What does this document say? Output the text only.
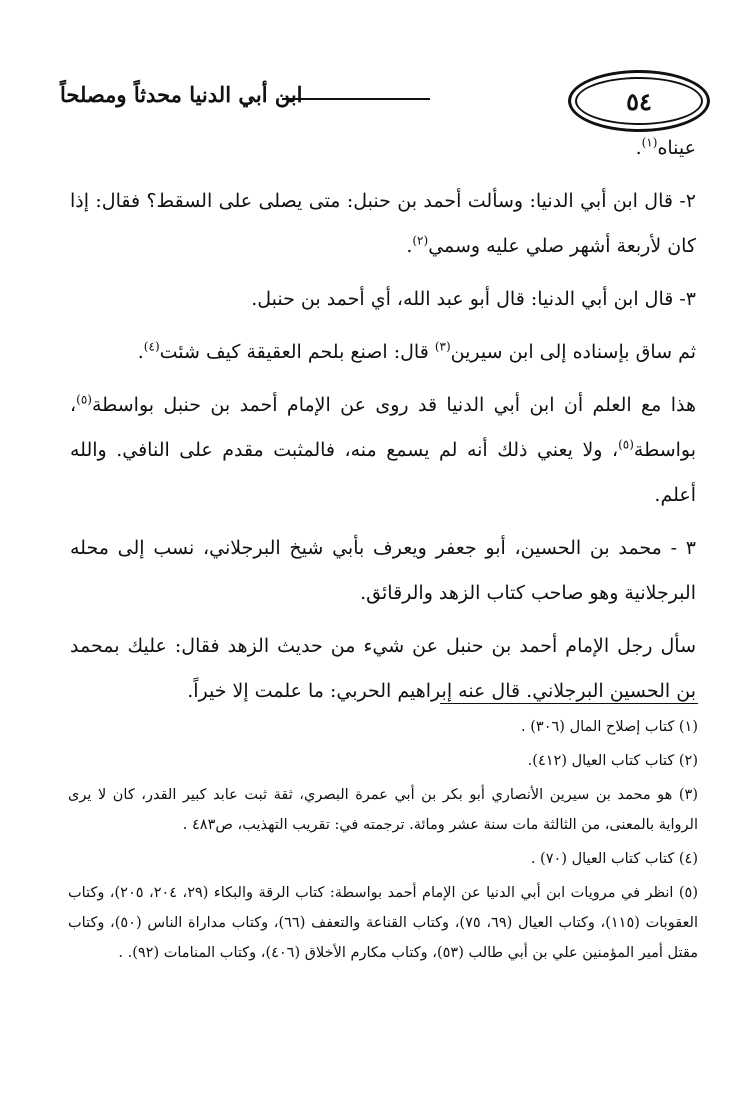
٥٤
ابن أبي الدنيا محدثاً ومصلحاً

عيناه$^{(١)}$.

٢- قال ابن أبي الدنيا: وسألت أحمد بن حنبل: متى يصلى على السقط؟ فقال: إذا كان لأربعة أشهر صلي عليه وسمي$^{(٢)}$.

٣- قال ابن أبي الدنيا: قال أبو عبد الله، أي أحمد بن حنبل.

ثم ساق بإسناده إلى ابن سيرين$^{(٣)}$ قال: اصنع بلحم العقيقة كيف شئت$^{(٤)}$.

هذا مع العلم أن ابن أبي الدنيا قد روى عن الإمام أحمد بن حنبل بواسطة$^{(٥)}$، بواسطة$^{(٥)}$، ولا يعني ذلك أنه لم يسمع منه، فالمثبت مقدم على النافي. والله أعلم.

٣ - محمد بن الحسين، أبو جعفر ويعرف بأبي شيخ البرجلاني، نسب إلى محله البرجلانية وهو صاحب كتاب الزهد والرقائق.

سأل رجل الإمام أحمد بن حنبل عن شيء من حديث الزهد فقال: عليك بمحمد بن الحسين البرجلاني. قال عنه إبراهيم الحربي: ما علمت إلا خيراً.

(١) كتاب إصلاح المال (٣٠٦) .
(٢) كتاب كتاب العيال (٤١٢).
(٣) هو محمد بن سيرين الأنصاري أبو بكر بن أبي عمرة البصري، ثقة ثبت عابد كبير القدر، كان لا يرى الرواية بالمعنى، من الثالثة مات سنة عشر ومائة. ترجمته في: تقريب التهذيب، ص٤٨٣ .
(٤) كتاب كتاب العيال (٧٠) .
(٥) انظر في مرويات ابن أبي الدنيا عن الإمام أحمد بواسطة: كتاب الرقة والبكاء (٢٩، ٢٠٤، ٢٠٥)، وكتاب العقوبات (١١٥)، وكتاب العيال (٦٩، ٧٥)، وكتاب القناعة والتعفف (٦٦)، وكتاب مداراة الناس (٥٠)، وكتاب مقتل أمير المؤمنين علي بن أبي طالب (٥٣)، وكتاب مكارم الأخلاق (٤٠٦)، وكتاب المنامات (٩٢). .
